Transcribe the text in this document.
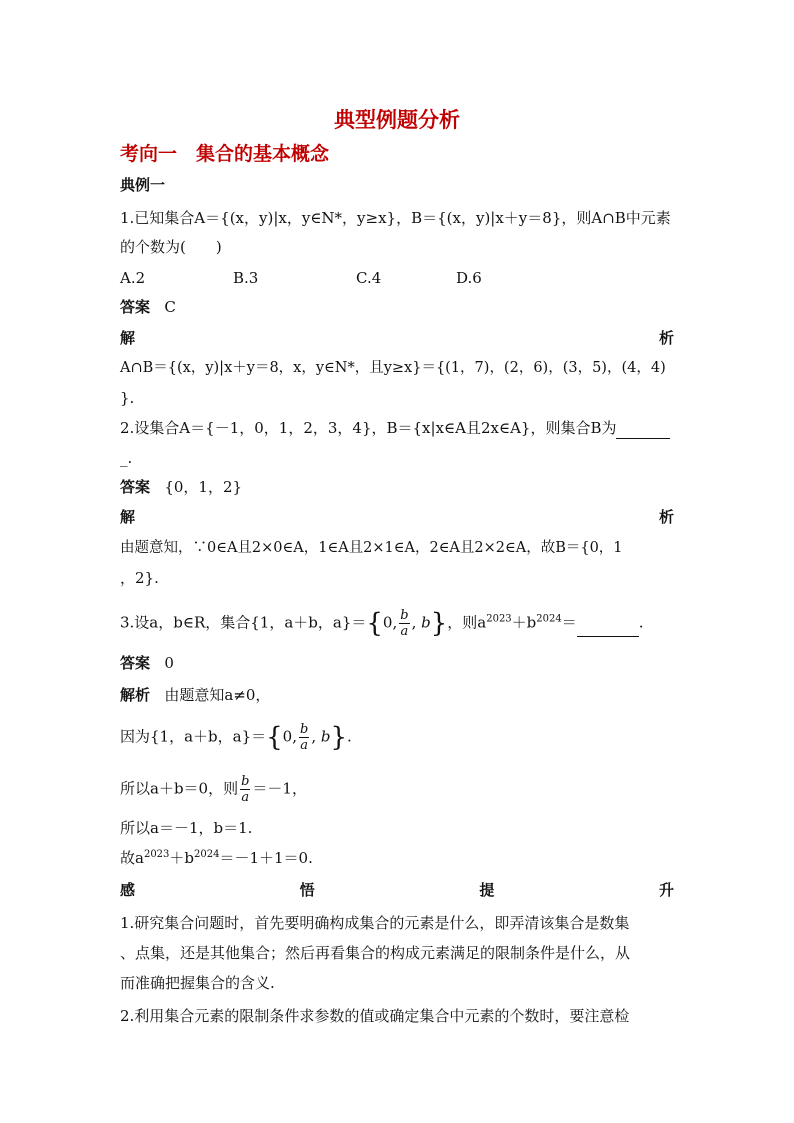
典型例题分析
考向一　集合的基本概念
典例一
1.已知集合A＝{(x，y)|x，y∈N*，y≥x}，B＝{(x，y)|x＋y＝8}，则A∩B中元素
的个数为(　　)
A.2	B.3	C.4	D.6
答案 C
解	析
A∩B＝{(x，y)|x＋y＝8，x，y∈N*，且y≥x}＝{(1，7)，(2，6)，(3，5)，(4，4)
}.
2.设集合A＝{－1，0，1，2，3，4}，B＝{x|x∈A且2x∈A}，则集合B为
_.
答案 {0，1，2}
解	析
由题意知，∵0∈A且2×0∈A，1∈A且2×1∈A，2∈A且2×2∈A，故B＝{0，1
，2}.
3.设a，b∈R，集合{1，a＋b，a}＝{0, $\frac{b}{a}$ , b}，则$a^{2023}+b^{2024}=$	.
答案 0
解析 由题意知a≠0，
因为{1，a＋b，a}＝{0, $\frac{b}{a}$ , b}.
所以a＋b＝0，则 $\frac{b}{a} =-1$，
所以a＝－1，b＝1.
故$a^{2023}+b^{2024}=-1+1=0$.
感	悟	提	升
1.研究集合问题时，首先要明确构成集合的元素是什么，即弄清该集合是数集
、点集，还是其他集合；然后再看集合的构成元素满足的限制条件是什么，从
而准确把握集合的含义.
2.利用集合元素的限制条件求参数的值或确定集合中元素的个数时，要注意检
